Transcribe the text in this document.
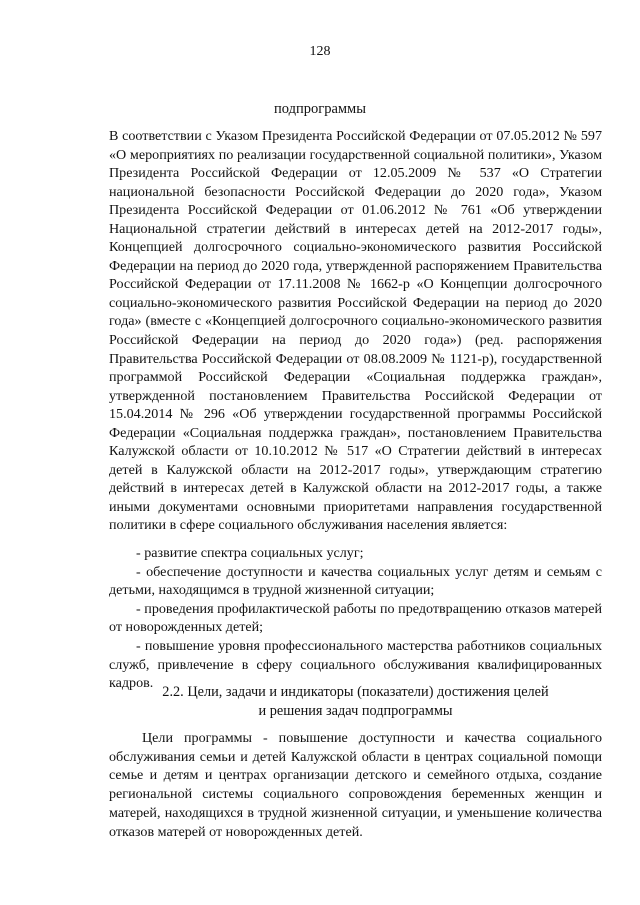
128
подпрограммы

В соответствии с Указом Президента Российской Федерации от 07.05.2012 № 597 «О мероприятиях по реализации государственной социальной политики», Указом Президента Российской Федерации от 12.05.2009 № 537 «О Стратегии национальной безопасности Российской Федерации до 2020 года», Указом Президента Российской Федерации от 01.06.2012 № 761 «Об утверждении Национальной стратегии действий в интересах детей на 2012-2017 годы», Концепцией долгосрочного социально-экономического развития Российской Федерации на период до 2020 года, утвержденной распоряжением Правительства Российской Федерации от 17.11.2008 № 1662-р «О Концепции долгосрочного социально-экономического развития Российской Федерации на период до 2020 года» (вместе с «Концепцией долгосрочного социально-экономического развития Российской Федерации на период до 2020 года») (ред. распоряжения Правительства Российской Федерации от 08.08.2009 № 1121-р), государственной программой Российской Федерации «Социальная поддержка граждан», утвержденной постановлением Правительства Российской Федерации от 15.04.2014 № 296 «Об утверждении государственной программы Российской Федерации «Социальная поддержка граждан», постановлением Правительства Калужской области от 10.10.2012 № 517 «О Стратегии действий в интересах детей в Калужской области на 2012-2017 годы», утверждающим стратегию действий в интересах детей в Калужской области на 2012-2017 годы, а также иными документами основными приоритетами направления государственной политики в сфере социального обслуживания населения является:

- развитие спектра социальных услуг;
- обеспечение доступности и качества социальных услуг детям и семьям с детьми, находящимся в трудной жизненной ситуации;
- проведения профилактической работы по предотвращению отказов матерей от новорожденных детей;
- повышение уровня профессионального мастерства работников социальных служб, привлечение в сферу социального обслуживания квалифицированных кадров.
2.2. Цели, задачи и индикаторы (показатели) достижения целей
и решения задач подпрограммы

Цели программы - повышение доступности и качества социального обслуживания семьи и детей Калужской области в центрах социальной помощи семье и детям и центрах организации детского и семейного отдыха, создание региональной системы социального сопровождения беременных женщин и матерей, находящихся в трудной жизненной ситуации, и уменьшение количества отказов матерей от новорожденных детей.
